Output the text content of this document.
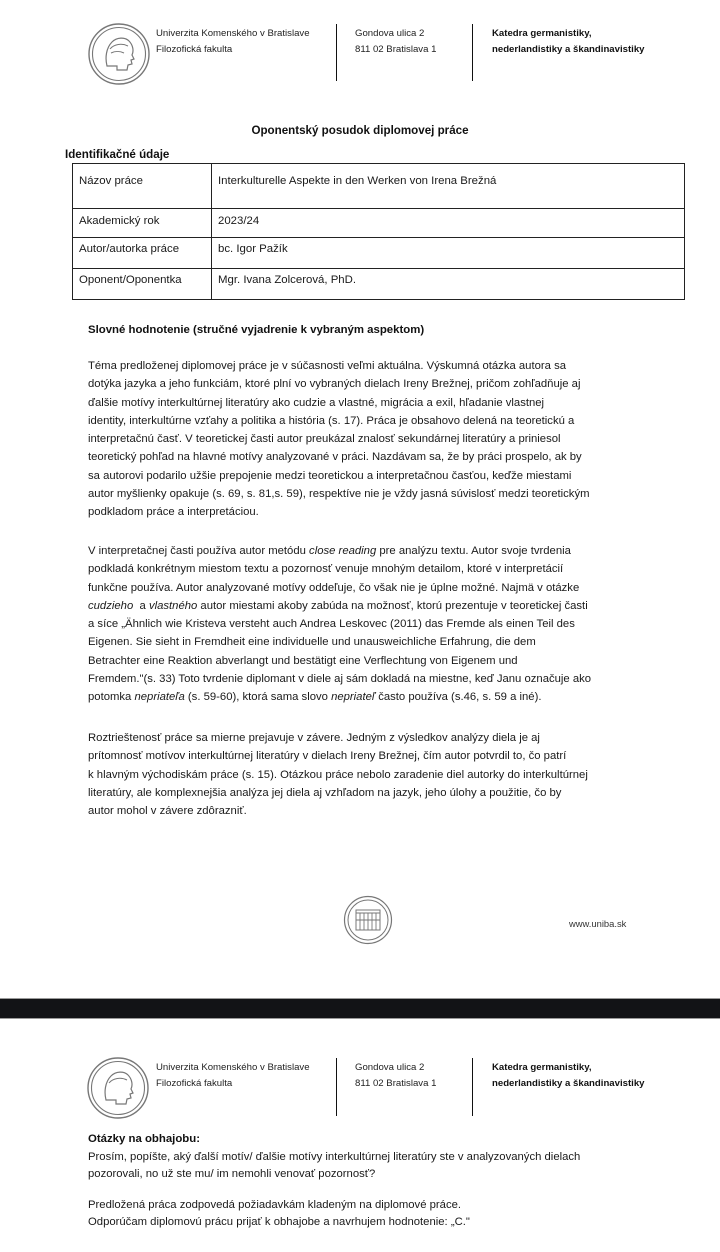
Univerzita Komenského v Bratislave
Filozofická fakulta
Gondova ulica 2
811 02 Bratislava 1
Katedra germanistiky,
nederlandistiky a škandinavistiky
Oponentský posudok diplomovej práce
Identifikačné údaje
Názov práce	Interkulturelle Aspekte in den Werken von Irena Brežná
Akademický rok	2023/24
Autor/autorka práce	bc. Igor Pažík
Oponent/Oponentka	Mgr. Ivana Zolcerová, PhD.
Slovné hodnotenie (stručné vyjadrenie k vybraným aspektom)
Téma predloženej diplomovej práce je v súčasnosti veľmi aktuálna. Výskumná otázka autora sa
dotýka jazyka a jeho funkciám, ktoré plní vo vybraných dielach Ireny Brežnej, pričom zohľadňuje aj
ďalšie motívy interkultúrnej literatúry ako cudzie a vlastné, migrácia a exil, hľadanie vlastnej
identity, interkultúrne vzťahy a politika a história (s. 17). Práca je obsahovo delená na teoretickú a
interpretačnú časť. V teoretickej časti autor preukázal znalosť sekundárnej literatúry a priniesol
teoretický pohľad na hlavné motívy analyzované v práci. Nazdávam sa, že by práci prospelo, ak by
sa autorovi podarilo užšie prepojenie medzi teoretickou a interpretačnou časťou, keďže miestami
autor myšlienky opakuje (s. 69, s. 81,s. 59), respektíve nie je vždy jasná súvislosť medzi teoretickým
podkladom práce a interpretáciou.
V interpretačnej časti používa autor metódu close reading pre analýzu textu. Autor svoje tvrdenia
podkladá konkrétnym miestom textu a pozornosť venuje mnohým detailom, ktoré v interpretácií
funkčne používa. Autor analyzované motívy oddeľuje, čo však nie je úplne možné. Najmä v otázke
cudzieho  a vlastného autor miestami akoby zabúda na možnosť, ktorú prezentuje v teoretickej časti
a síce „Ähnlich wie Kristeva versteht auch Andrea Leskovec (2011) das Fremde als einen Teil des
Eigenen. Sie sieht in Fremdheit eine individuelle und unausweichliche Erfahrung, die dem
Betrachter eine Reaktion abverlangt und bestätigt eine Verflechtung von Eigenem und
Fremdem."(s. 33) Toto tvrdenie diplomant v diele aj sám dokladá na miestne, keď Janu označuje ako
potomka nepriateľa (s. 59-60), ktorá sama slovo nepriateľ často používa (s.46, s. 59 a iné).
Roztrieštenosť práce sa mierne prejavuje v závere. Jedným z výsledkov analýzy diela je aj
prítomnosť motívov interkultúrnej literatúry v dielach Ireny Brežnej, čím autor potvrdil to, čo patrí
k hlavným východiskám práce (s. 15). Otázkou práce nebolo zaradenie diel autorky do interkultúrnej
literatúry, ale komplexnejšia analýza jej diela aj vzhľadom na jazyk, jeho úlohy a použitie, čo by
autor mohol v závere zdôrazniť.
www.uniba.sk
Univerzita Komenského v Bratislave
Filozofická fakulta
Gondova ulica 2
811 02 Bratislava 1
Katedra germanistiky,
nederlandistiky a škandinavistiky
Otázky na obhajobu:
Prosím, popíšte, aký ďalší motív/ ďalšie motívy interkultúrnej literatúry ste v analyzovaných dielach
pozorovali, no už ste mu/ im nemohli venovať pozornosť?
Predložená práca zodpovedá požiadavkám kladeným na diplomové práce.
Odporúčam diplomovú prácu prijať k obhajobe a navrhujem hodnotenie: „C."
